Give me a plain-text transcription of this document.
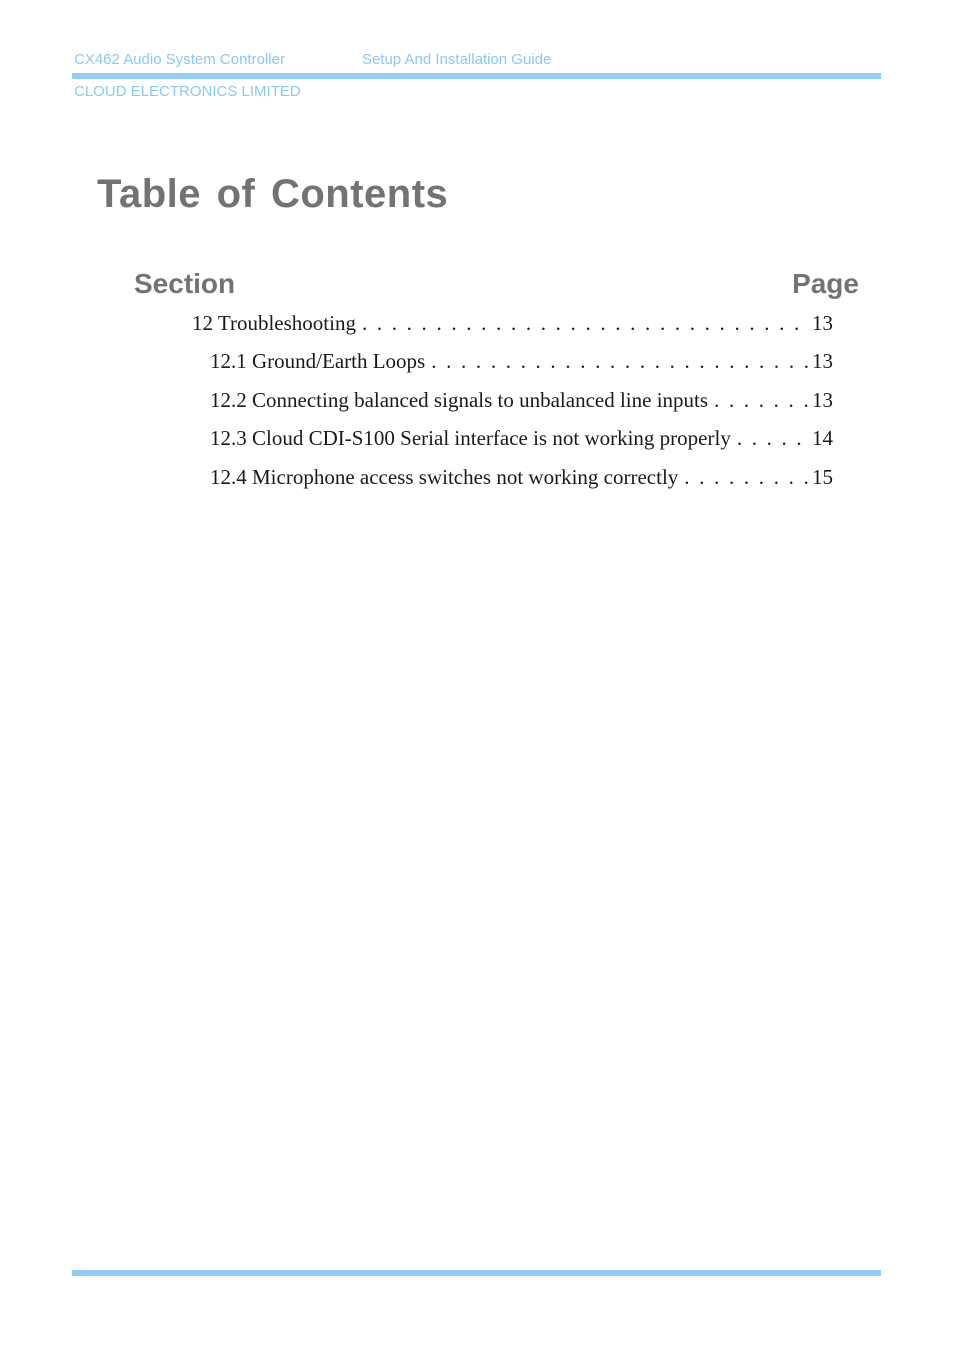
CX462 Audio System Controller	Setup And Installation Guide
CLOUD ELECTRONICS LIMITED
Table of Contents
Section	Page
12 Troubleshooting . . .	13
12.1 Ground/Earth Loops . . .	13
12.2 Connecting balanced signals to unbalanced line inputs . . .	13
12.3 Cloud CDI-S100 Serial interface is not working properly . . .	14
12.4 Microphone access switches not working correctly . . .	15
